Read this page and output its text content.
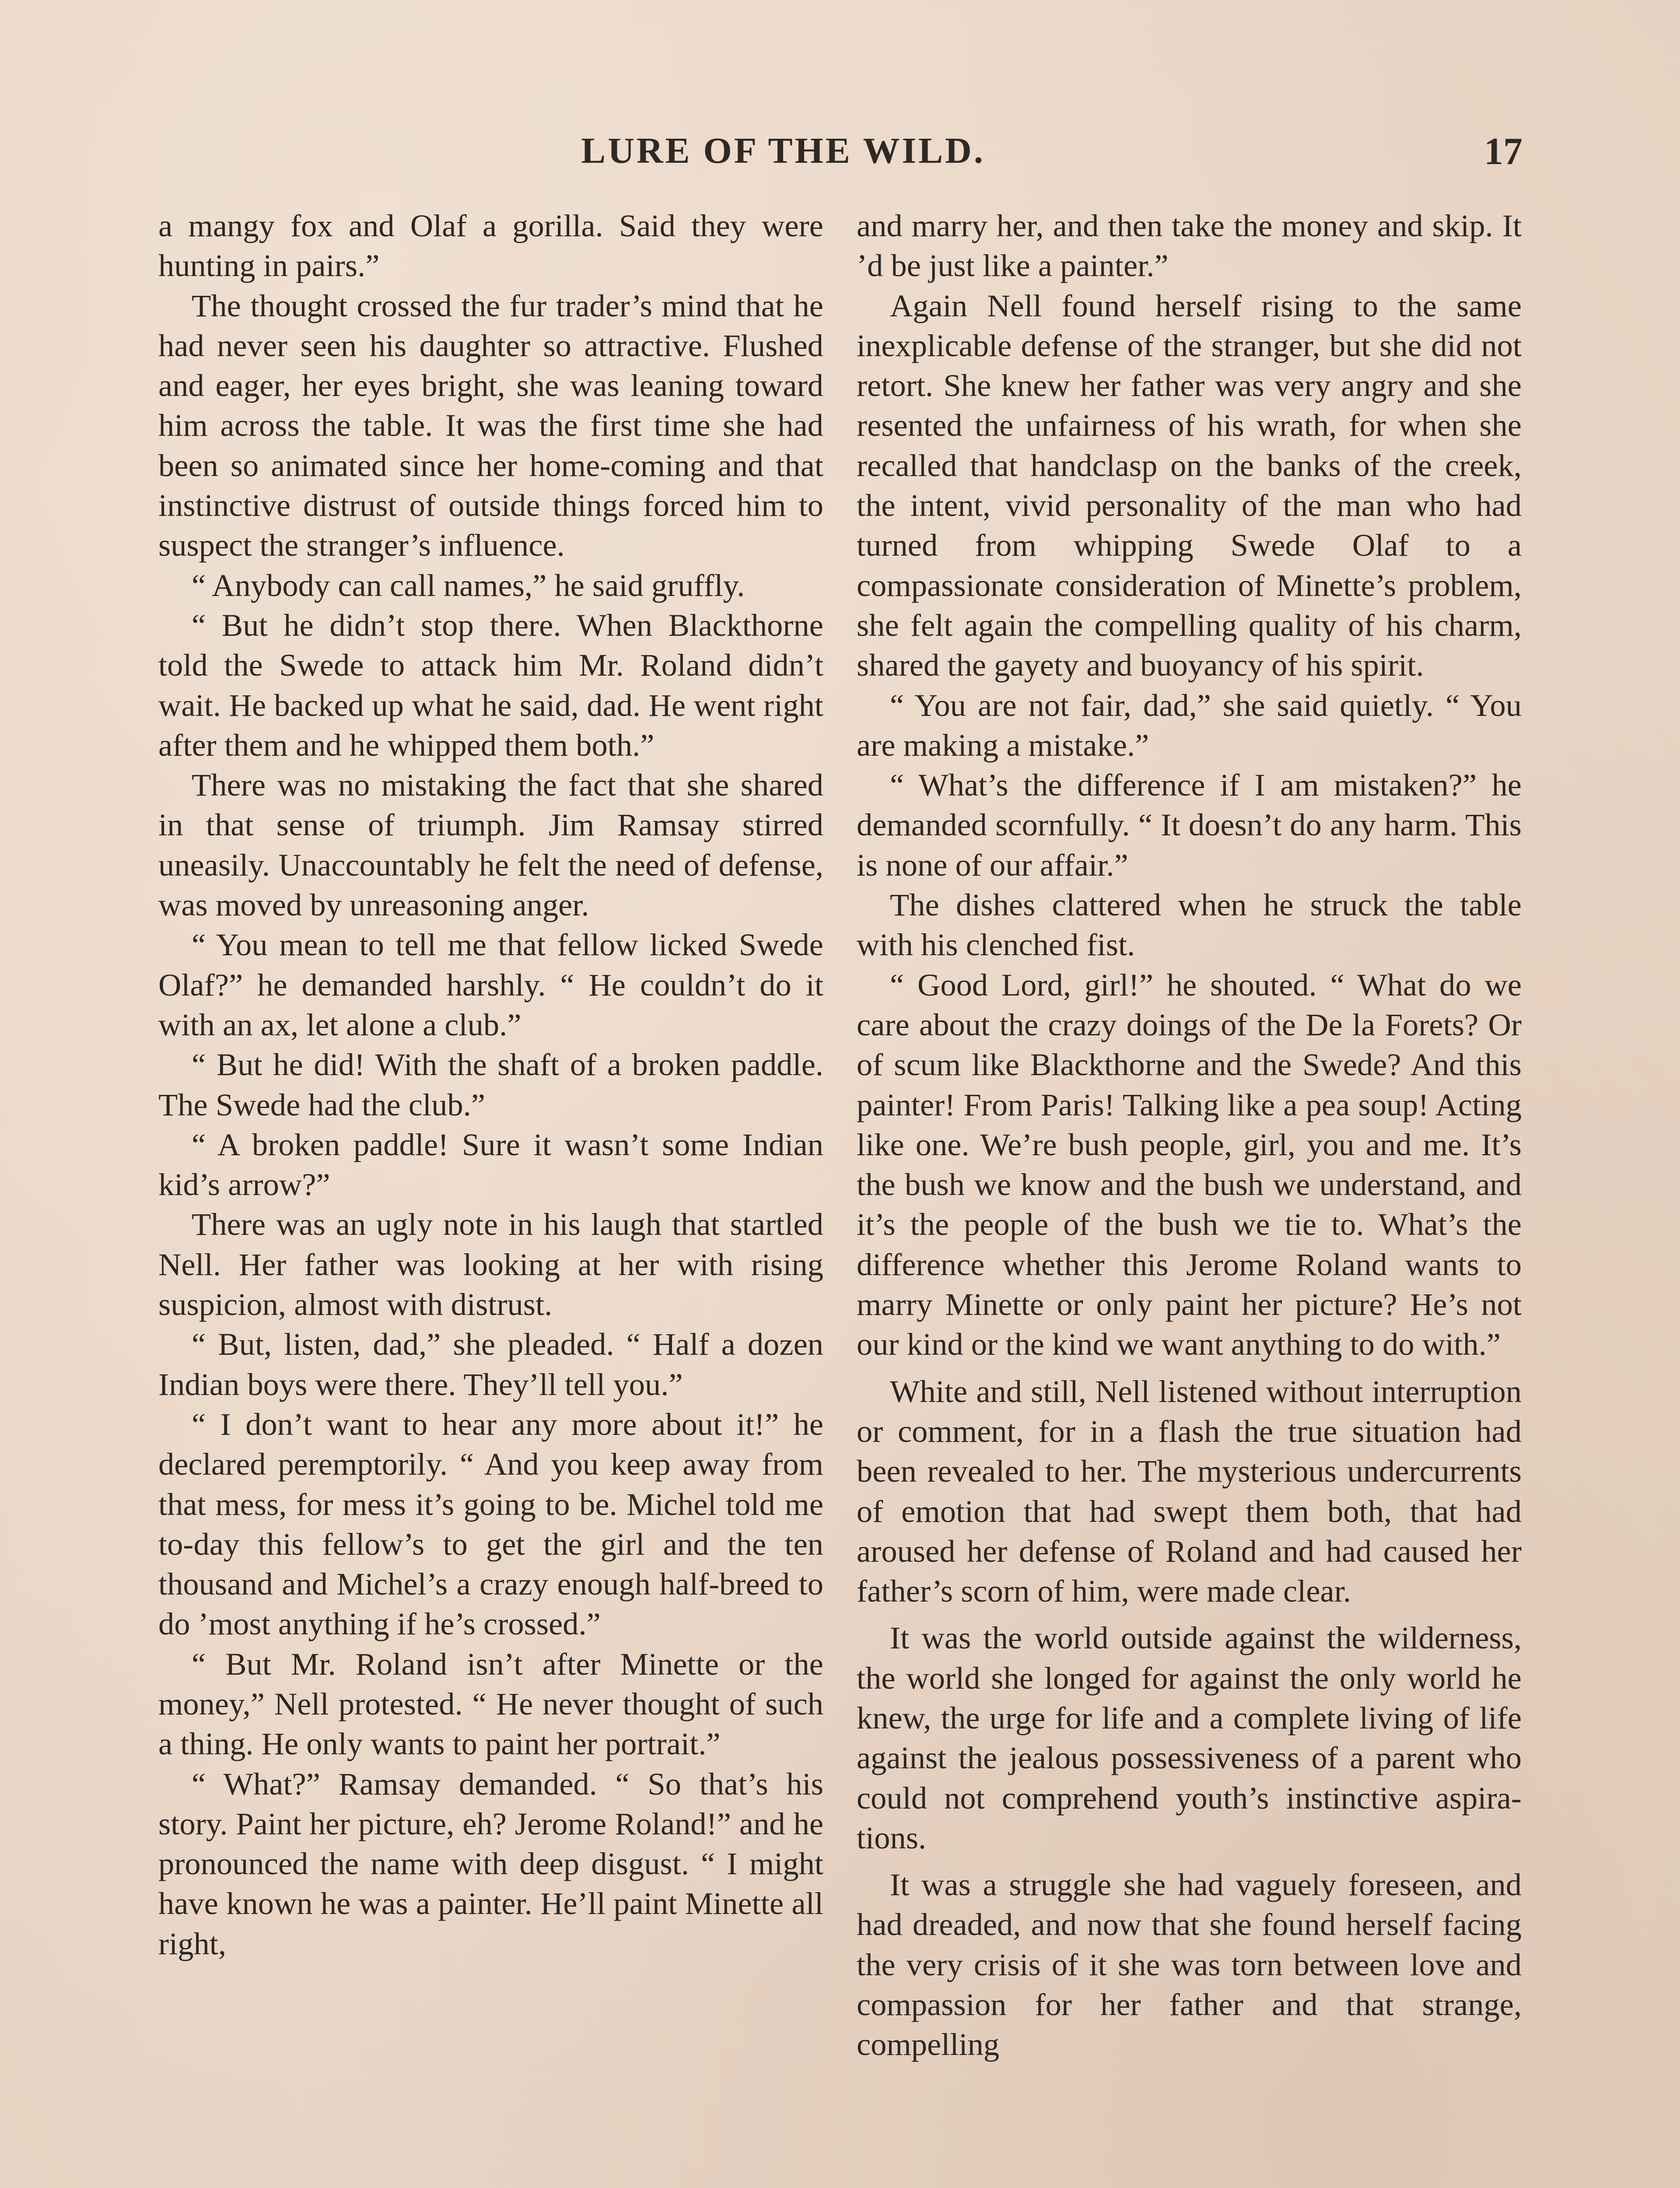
LURE OF THE WILD.	17

a mangy fox and Olaf a gorilla. Said they were hunting in pairs.”

The thought crossed the fur trader’s mind that he had never seen his daughter so attractive. Flushed and eager, her eyes bright, she was leaning toward him across the table. It was the first time she had been so animated since her home-coming and that instinctive distrust of outside things forced him to suspect the stranger’s influence.

“ Anybody can call names,” he said gruffly.

“ But he didn’t stop there. When Blackthorne told the Swede to attack him Mr. Roland didn’t wait. He backed up what he said, dad. He went right after them and he whipped them both.”

There was no mistaking the fact that she shared in that sense of triumph. Jim Ramsay stirred uneasily. Unaccountably he felt the need of defense, was moved by unreasoning anger.

“ You mean to tell me that fellow licked Swede Olaf?” he demanded harshly. “ He couldn’t do it with an ax, let alone a club.”

“ But he did! With the shaft of a broken paddle. The Swede had the club.”

“ A broken paddle! Sure it wasn’t some Indian kid’s arrow?”

There was an ugly note in his laugh that startled Nell. Her father was looking at her with rising suspicion, almost with distrust.

“ But, listen, dad,” she pleaded. “ Half a dozen Indian boys were there. They’ll tell you.”

“ I don’t want to hear any more about it!” he declared peremptorily. “ And you keep away from that mess, for mess it’s going to be. Michel told me to-day this fellow’s to get the girl and the ten thousand and Michel’s a crazy enough half-breed to do ’most anything if he’s crossed.”

“ But Mr. Roland isn’t after Minette or the money,” Nell protested. “ He never thought of such a thing. He only wants to paint her portrait.”

“ What?” Ramsay demanded. “ So that’s his story. Paint her picture, eh? Jerome Roland!” and he pronounced the name with deep disgust. “ I might have known he was a painter. He’ll paint Minette all right,

and marry her, and then take the money and skip. It ’d be just like a painter.”

Again Nell found herself rising to the same inexplicable defense of the stranger, but she did not retort. She knew her father was very angry and she resented the unfairness of his wrath, for when she recalled that handclasp on the banks of the creek, the intent, vivid personality of the man who had turned from whipping Swede Olaf to a compassionate consideration of Minette’s problem, she felt again the compelling quality of his charm, shared the gayety and buoyancy of his spirit.

“ You are not fair, dad,” she said quietly. “ You are making a mistake.”

“ What’s the difference if I am mistaken?” he demanded scornfully. “ It doesn’t do any harm. This is none of our affair.”

The dishes clattered when he struck the table with his clenched fist.

“ Good Lord, girl!” he shouted. “ What do we care about the crazy doings of the De la Forets? Or of scum like Blackthorne and the Swede? And this painter! From Paris! Talking like a pea soup! Acting like one. We’re bush people, girl, you and me. It’s the bush we know and the bush we understand, and it’s the people of the bush we tie to. What’s the difference whether this Jerome Roland wants to marry Minette or only paint her picture? He’s not our kind or the kind we want anything to do with.”

White and still, Nell listened without interruption or comment, for in a flash the true situation had been revealed to her. The mysterious undercurrents of emotion that had swept them both, that had aroused her defense of Roland and had caused her father’s scorn of him, were made clear.

It was the world outside against the wilderness, the world she longed for against the only world he knew, the urge for life and a complete living of life against the jealous possessiveness of a parent who could not comprehend youth’s instinctive aspirations.

It was a struggle she had vaguely foreseen, and had dreaded, and now that she found herself facing the very crisis of it she was torn between love and compassion for her father and that strange, compelling
